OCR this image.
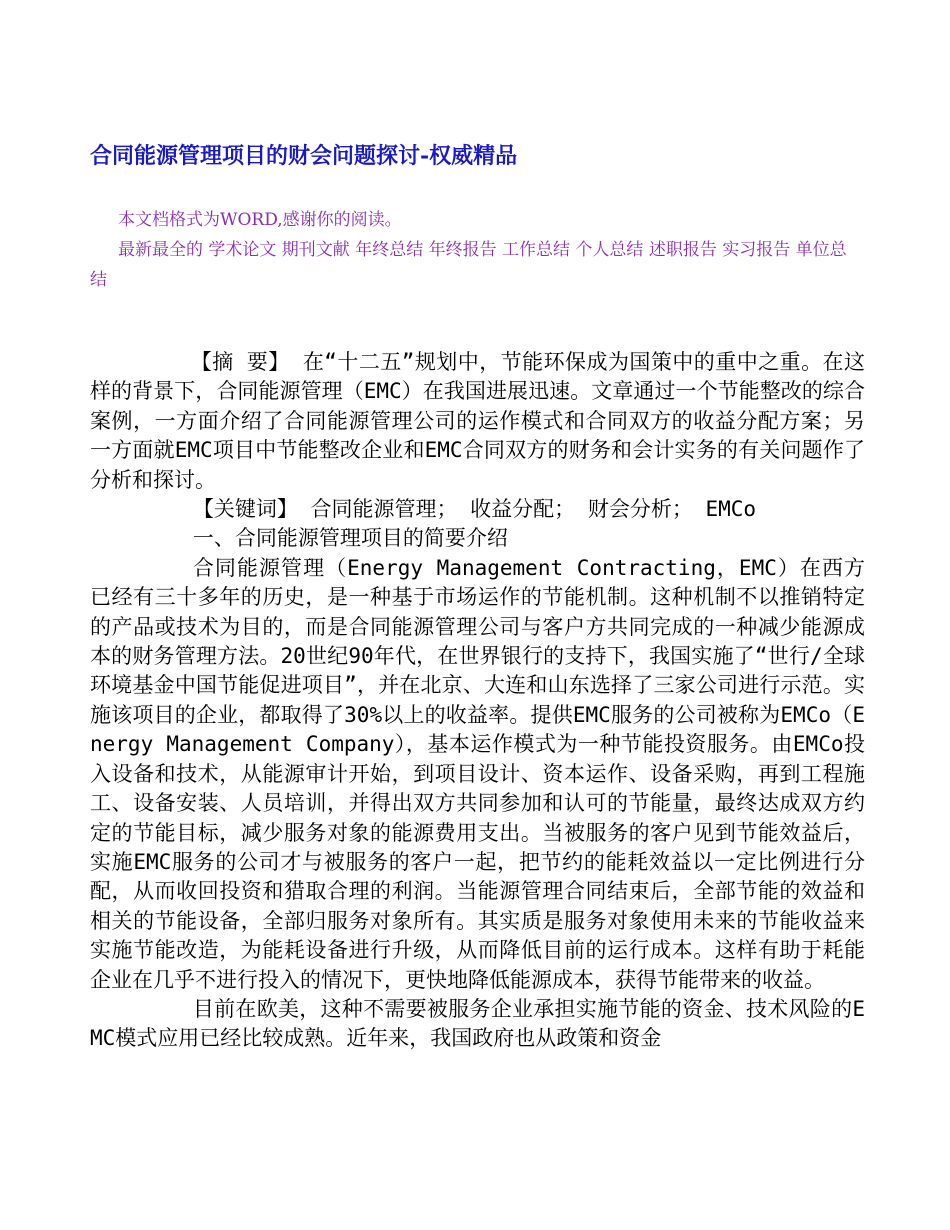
合同能源管理项目的财会问题探讨-权威精品

本文档格式为WORD,感谢你的阅读。

最新最全的 学术论文 期刊文献 年终总结 年终报告 工作总结 个人总结 述职报告 实习报告 单位总结

【摘 要】 在“十二五”规划中，节能环保成为国策中的重中之重。在这样的背景下，合同能源管理（EMC）在我国进展迅速。文章通过一个节能整改的综合案例，一方面介绍了合同能源管理公司的运作模式和合同双方的收益分配方案；另一方面就EMC项目中节能整改企业和EMC合同双方的财务和会计实务的有关问题作了分析和探讨。

【关键词】 合同能源管理； 收益分配； 财会分析； EMCo

一、合同能源管理项目的简要介绍

合同能源管理（Energy Management Contracting，EMC）在西方已经有三十多年的历史，是一种基于市场运作的节能机制。这种机制不以推销特定的产品或技术为目的，而是合同能源管理公司与客户方共同完成的一种减少能源成本的财务管理方法。20世纪90年代，在世界银行的支持下，我国实施了“世行/全球环境基金中国节能促进项目”，并在北京、大连和山东选择了三家公司进行示范。实施该项目的企业，都取得了30%以上的收益率。提供EMC服务的公司被称为EMCo（Energy Management Company），基本运作模式为一种节能投资服务。由EMCo投入设备和技术，从能源审计开始，到项目设计、资本运作、设备采购，再到工程施工、设备安装、人员培训，并得出双方共同参加和认可的节能量，最终达成双方约定的节能目标，减少服务对象的能源费用支出。当被服务的客户见到节能效益后，实施EMC服务的公司才与被服务的客户一起，把节约的能耗效益以一定比例进行分配，从而收回投资和猎取合理的利润。当能源管理合同结束后，全部节能的效益和相关的节能设备，全部归服务对象所有。其实质是服务对象使用未来的节能收益来实施节能改造，为能耗设备进行升级，从而降低目前的运行成本。这样有助于耗能企业在几乎不进行投入的情况下，更快地降低能源成本，获得节能带来的收益。

目前在欧美，这种不需要被服务企业承担实施节能的资金、技术风险的EMC模式应用已经比较成熟。近年来，我国政府也从政策和资金
